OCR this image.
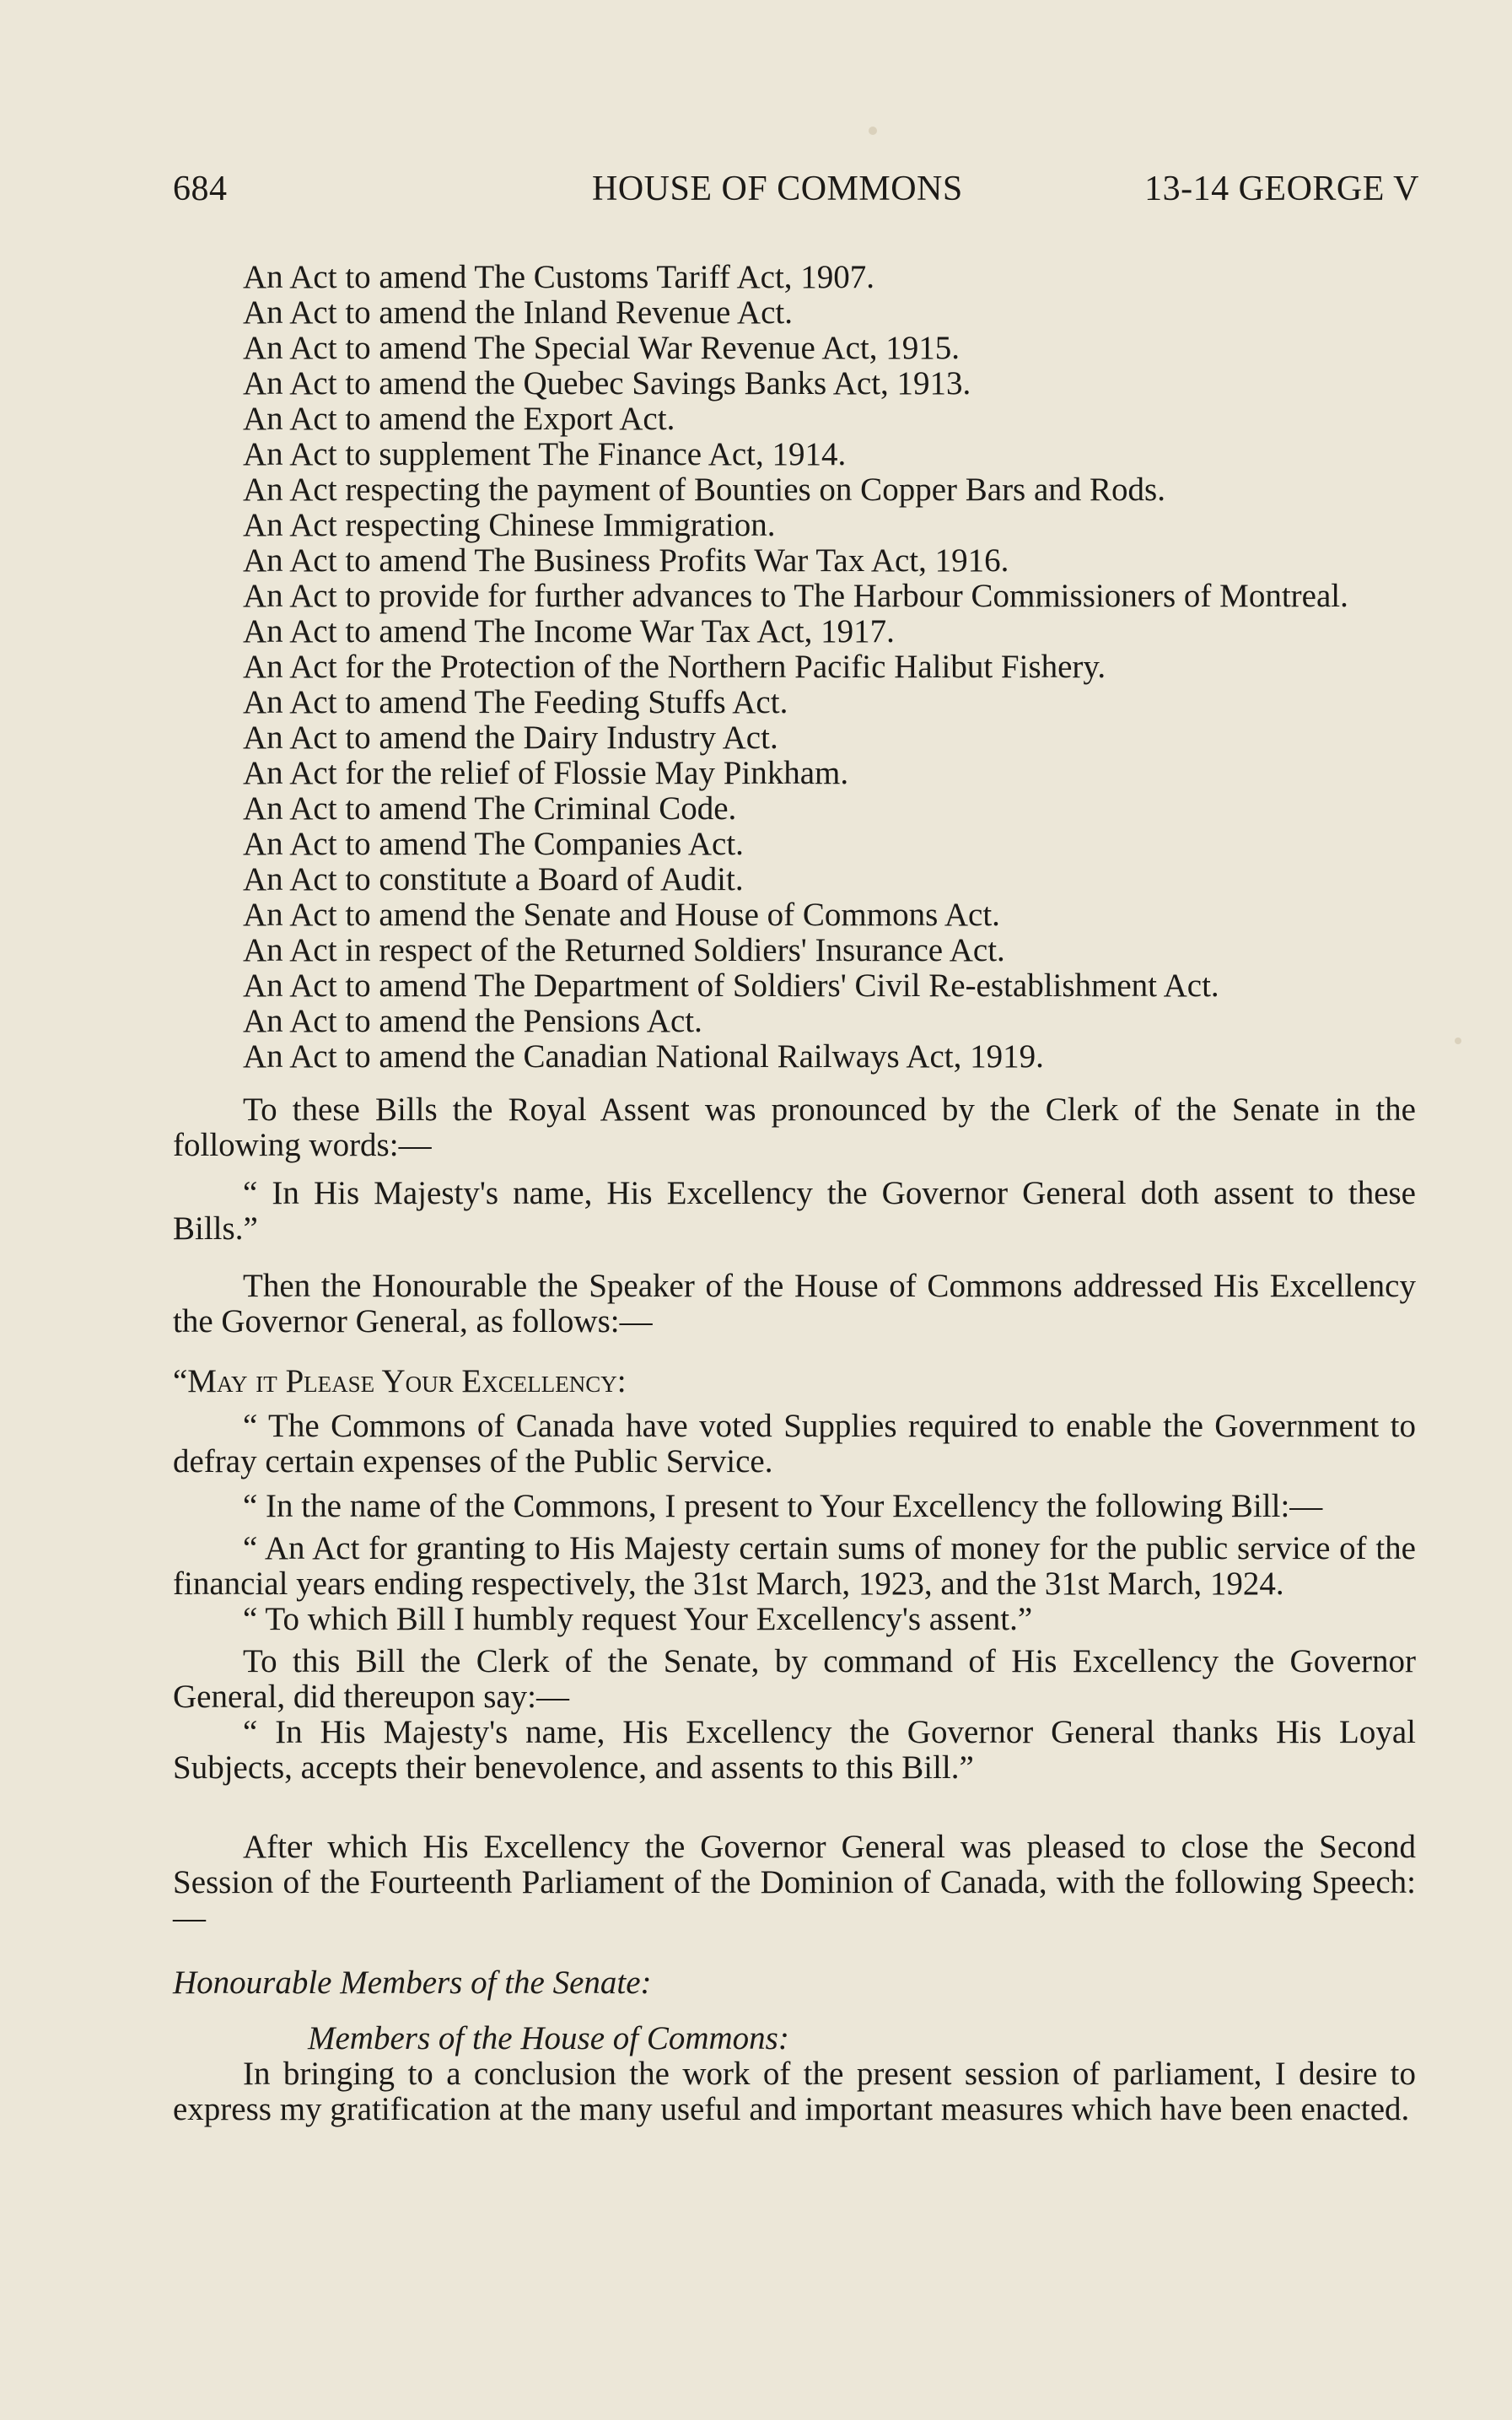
684	HOUSE OF COMMONS	13-14 GEORGE V
An Act to amend The Customs Tariff Act, 1907.
An Act to amend the Inland Revenue Act.
An Act to amend The Special War Revenue Act, 1915.
An Act to amend the Quebec Savings Banks Act, 1913.
An Act to amend the Export Act.
An Act to supplement The Finance Act, 1914.
An Act respecting the payment of Bounties on Copper Bars and Rods.
An Act respecting Chinese Immigration.
An Act to amend The Business Profits War Tax Act, 1916.
An Act to provide for further advances to The Harbour Commissioners of Montreal.
An Act to amend The Income War Tax Act, 1917.
An Act for the Protection of the Northern Pacific Halibut Fishery.
An Act to amend The Feeding Stuffs Act.
An Act to amend the Dairy Industry Act.
An Act for the relief of Flossie May Pinkham.
An Act to amend The Criminal Code.
An Act to amend The Companies Act.
An Act to constitute a Board of Audit.
An Act to amend the Senate and House of Commons Act.
An Act in respect of the Returned Soldiers' Insurance Act.
An Act to amend The Department of Soldiers' Civil Re-establishment Act.
An Act to amend the Pensions Act.
An Act to amend the Canadian National Railways Act, 1919.

To these Bills the Royal Assent was pronounced by the Clerk of the Senate in the following words:—

“ In His Majesty's name, His Excellency the Governor General doth assent to these Bills.”

Then the Honourable the Speaker of the House of Commons addressed His Excellency the Governor General, as follows:—

“May it Please Your Excellency:

“ The Commons of Canada have voted Supplies required to enable the Government to defray certain expenses of the Public Service.

“ In the name of the Commons, I present to Your Excellency the following Bill:—

“ An Act for granting to His Majesty certain sums of money for the public service of the financial years ending respectively, the 31st March, 1923, and the 31st March, 1924.

“ To which Bill I humbly request Your Excellency's assent.”

To this Bill the Clerk of the Senate, by command of His Excellency the Governor General, did thereupon say:—

“ In His Majesty's name, His Excellency the Governor General thanks His Loyal Subjects, accepts their benevolence, and assents to this Bill.”

After which His Excellency the Governor General was pleased to close the Second Session of the Fourteenth Parliament of the Dominion of Canada, with the following Speech:—

Honourable Members of the Senate:

Members of the House of Commons:

In bringing to a conclusion the work of the present session of parliament, I desire to express my gratification at the many useful and important measures which have been enacted.
